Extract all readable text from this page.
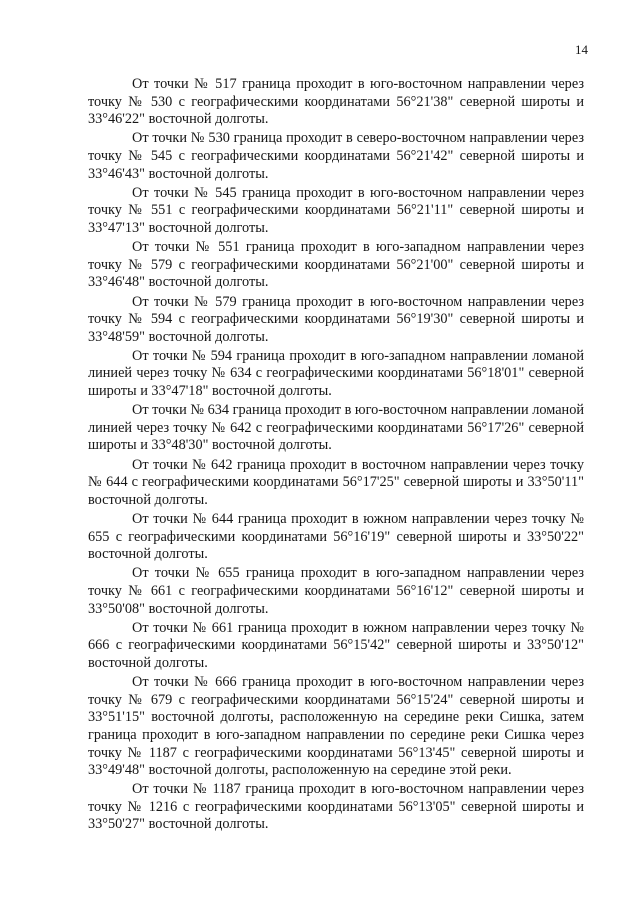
14

От точки № 517 граница проходит в юго-восточном направлении через точку № 530 с географическими координатами 56°21'38" северной широты и 33°46'22" восточной долготы.

От точки № 530 граница проходит в северо-восточном направлении через точку № 545 с географическими координатами 56°21'42" северной широты и 33°46'43" восточной долготы.

От точки № 545 граница проходит в юго-восточном направлении через точку № 551 с географическими координатами 56°21'11" северной широты и 33°47'13" восточной долготы.

От точки № 551 граница проходит в юго-западном направлении через точку № 579 с географическими координатами 56°21'00" северной широты и 33°46'48" восточной долготы.

От точки № 579 граница проходит в юго-восточном направлении через точку № 594 с географическими координатами 56°19'30" северной широты и 33°48'59" восточной долготы.

От точки № 594 граница проходит в юго-западном направлении ломаной линией через точку № 634 с географическими координатами 56°18'01" северной широты и 33°47'18" восточной долготы.

От точки № 634 граница проходит в юго-восточном направлении ломаной линией через точку № 642 с географическими координатами 56°17'26" северной широты и 33°48'30" восточной долготы.

От точки № 642 граница проходит в восточном направлении через точку № 644 с географическими координатами 56°17'25" северной широты и 33°50'11" восточной долготы.

От точки № 644 граница проходит в южном направлении через точку № 655 с географическими координатами 56°16'19" северной широты и 33°50'22" восточной долготы.

От точки № 655 граница проходит в юго-западном направлении через точку № 661 с географическими координатами 56°16'12" северной широты и 33°50'08" восточной долготы.

От точки № 661 граница проходит в южном направлении через точку № 666 с географическими координатами 56°15'42" северной широты и 33°50'12" восточной долготы.

От точки № 666 граница проходит в юго-восточном направлении через точку № 679 с географическими координатами 56°15'24" северной широты и 33°51'15" восточной долготы, расположенную на середине реки Сишка, затем граница проходит в юго-западном направлении по середине реки Сишка через точку № 1187 с географическими координатами 56°13'45" северной широты и 33°49'48" восточной долготы, расположенную на середине этой реки.

От точки № 1187 граница проходит в юго-восточном направлении через точку № 1216 с географическими координатами 56°13'05" северной широты и 33°50'27" восточной долготы.
